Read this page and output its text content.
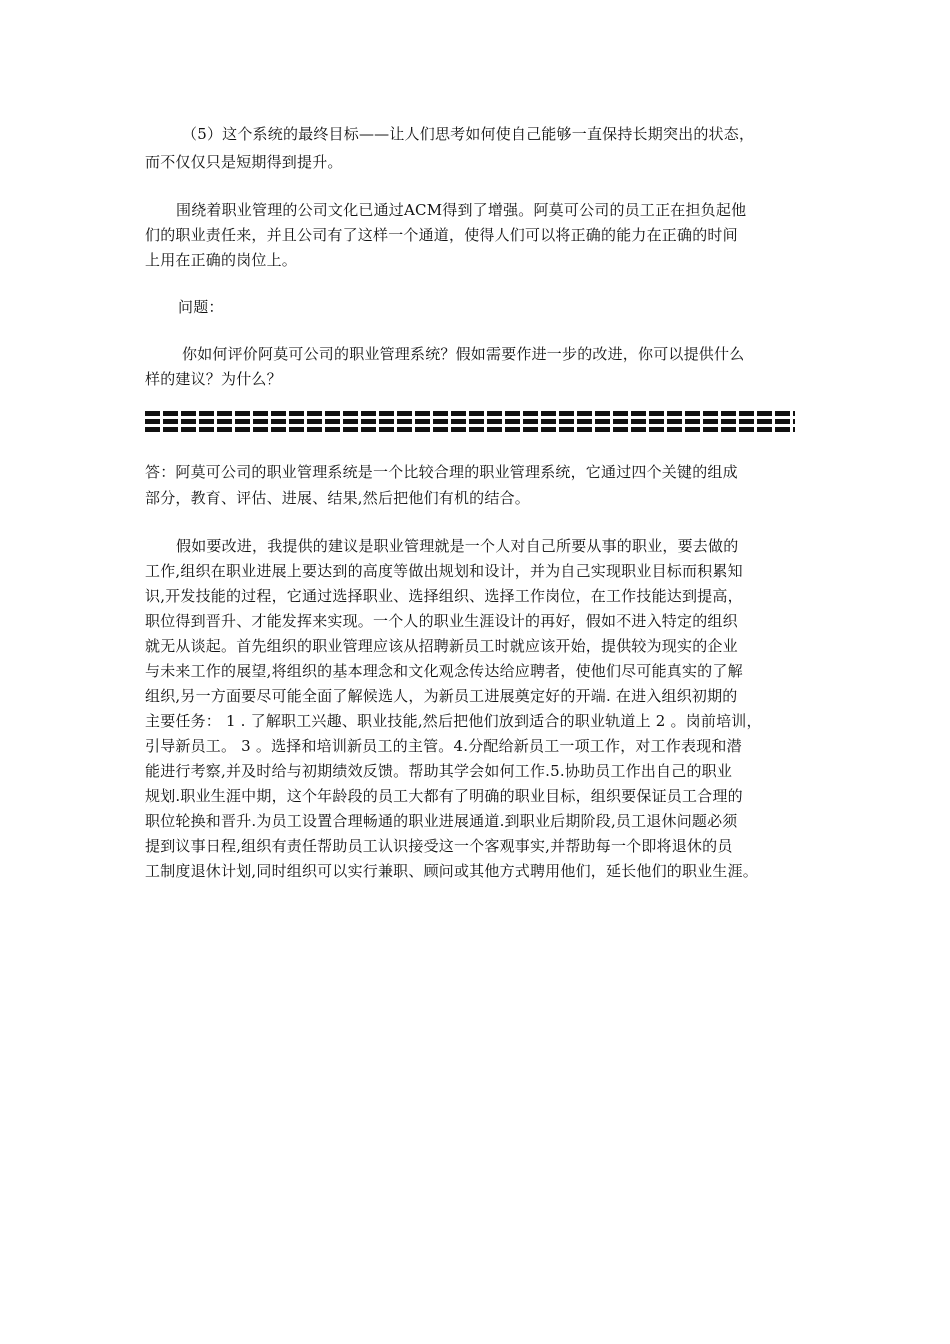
（5）这个系统的最终目标——让人们思考如何使自己能够一直保持长期突出的状态，
而不仅仅只是短期得到提升。
围绕着职业管理的公司文化已通过ACM得到了增强。阿莫可公司的员工正在担负起他
们的职业责任来，并且公司有了这样一个通道，使得人们可以将正确的能力在正确的时间
上用在正确的岗位上。
问题：
你如何评价阿莫可公司的职业管理系统？假如需要作进一步的改进，你可以提供什么
样的建议？为什么？
答：阿莫可公司的职业管理系统是一个比较合理的职业管理系统，它通过四个关键的组成
部分，教育、评估、进展、结果,然后把他们有机的结合。
假如要改进，我提供的建议是职业管理就是一个人对自己所要从事的职业，要去做的
工作,组织在职业进展上要达到的高度等做出规划和设计，并为自己实现职业目标而积累知
识,开发技能的过程，它通过选择职业、选择组织、选择工作岗位，在工作技能达到提高，
职位得到晋升、才能发挥来实现。一个人的职业生涯设计的再好，假如不进入特定的组织
就无从谈起。首先组织的职业管理应该从招聘新员工时就应该开始，提供较为现实的企业
与未来工作的展望,将组织的基本理念和文化观念传达给应聘者，使他们尽可能真实的了解
组织,另一方面要尽可能全面了解候选人，为新员工进展奠定好的开端. 在进入组织初期的
主要任务： 1 . 了解职工兴趣、职业技能,然后把他们放到适合的职业轨道上 2 。岗前培训，
引导新员工。 3 。选择和培训新员工的主管。4.分配给新员工一项工作，对工作表现和潜
能进行考察,并及时给与初期绩效反馈。帮助其学会如何工作.5.协助员工作出自己的职业
规划.职业生涯中期，这个年龄段的员工大都有了明确的职业目标，组织要保证员工合理的
职位轮换和晋升.为员工设置合理畅通的职业进展通道.到职业后期阶段,员工退休问题必须
提到议事日程,组织有责任帮助员工认识接受这一个客观事实,并帮助每一个即将退休的员
工制度退休计划,同时组织可以实行兼职、顾问或其他方式聘用他们，延长他们的职业生涯。
